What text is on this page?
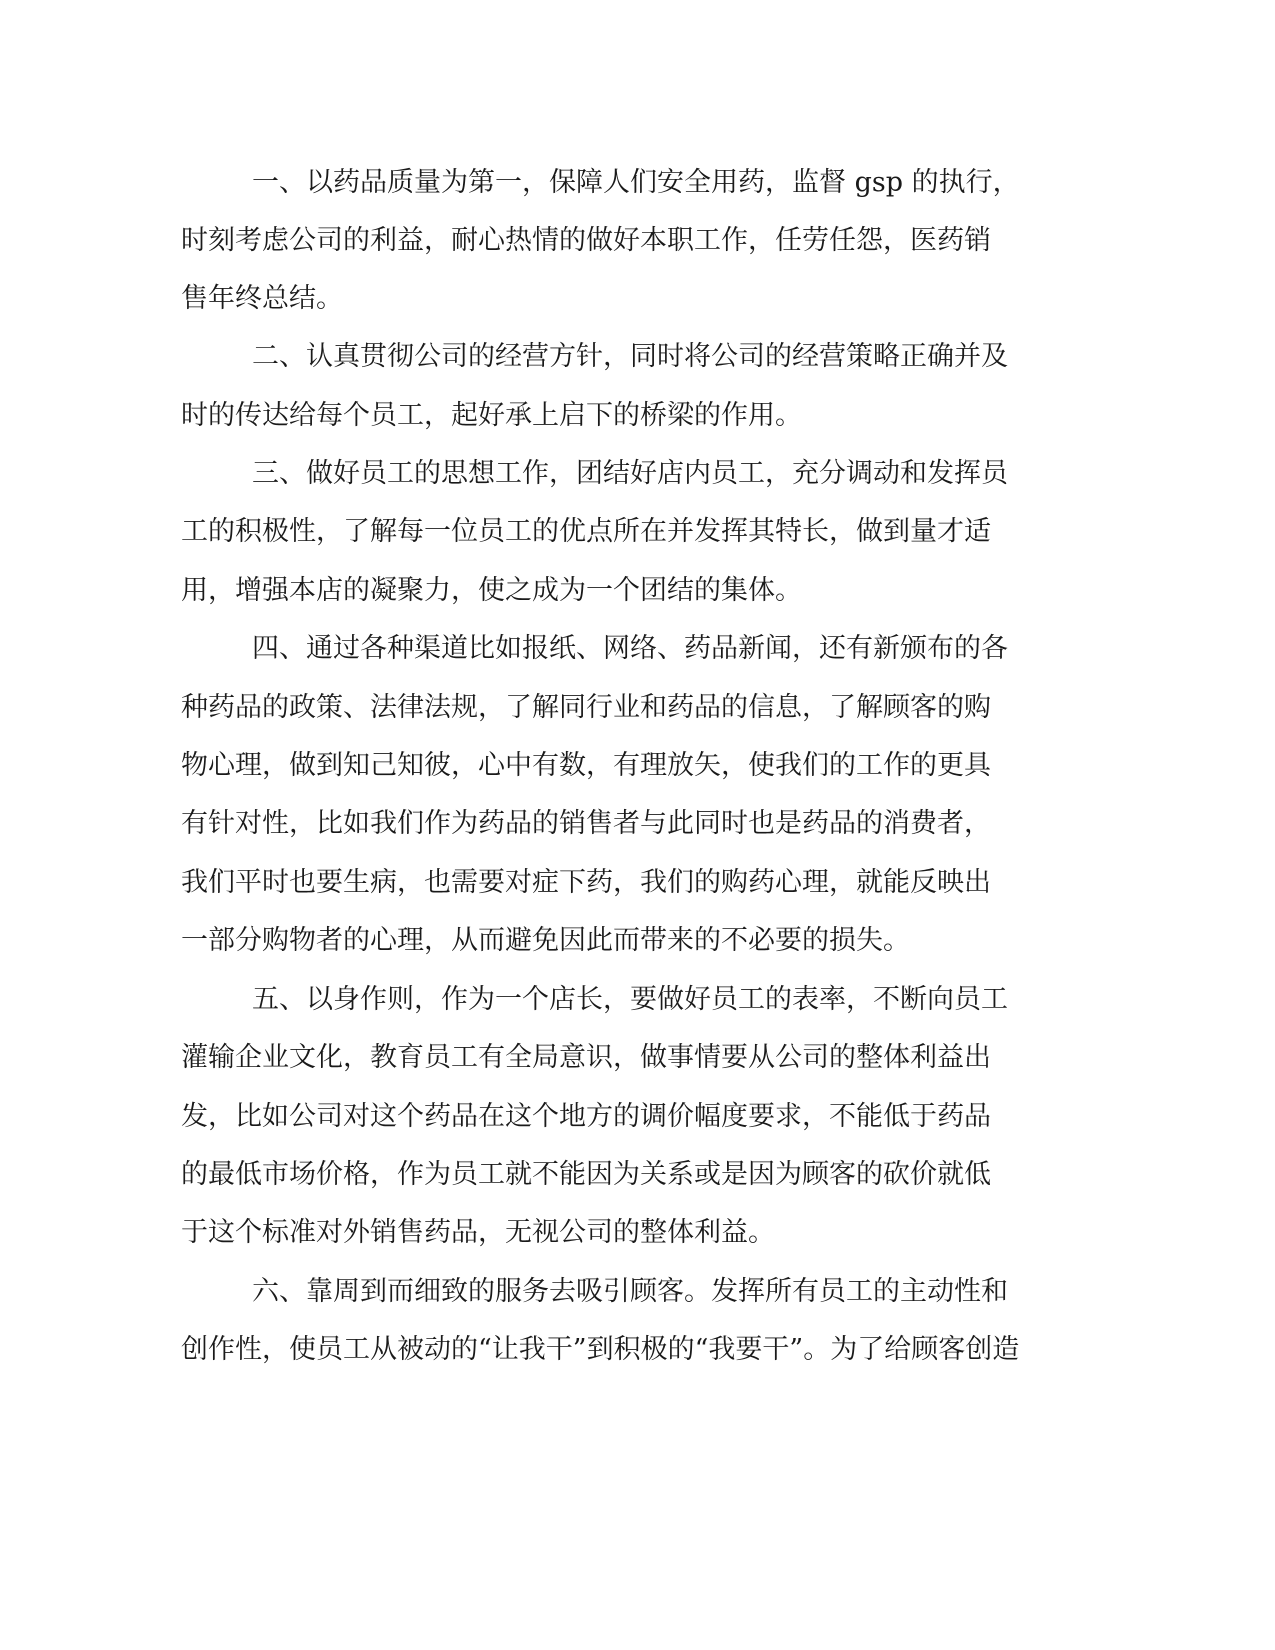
一、以药品质量为第一，保障人们安全用药，监督 gsp 的执行，
时刻考虑公司的利益，耐心热情的做好本职工作，任劳任怨，医药销
售年终总结。
二、认真贯彻公司的经营方针，同时将公司的经营策略正确并及
时的传达给每个员工，起好承上启下的桥梁的作用。
三、做好员工的思想工作，团结好店内员工，充分调动和发挥员
工的积极性，了解每一位员工的优点所在并发挥其特长，做到量才适
用，增强本店的凝聚力，使之成为一个团结的集体。
四、通过各种渠道比如报纸、网络、药品新闻，还有新颁布的各
种药品的政策、法律法规，了解同行业和药品的信息，了解顾客的购
物心理，做到知己知彼，心中有数，有理放矢，使我们的工作的更具
有针对性，比如我们作为药品的销售者与此同时也是药品的消费者，
我们平时也要生病，也需要对症下药，我们的购药心理，就能反映出
一部分购物者的心理，从而避免因此而带来的不必要的损失。
五、以身作则，作为一个店长，要做好员工的表率，不断向员工
灌输企业文化，教育员工有全局意识，做事情要从公司的整体利益出
发，比如公司对这个药品在这个地方的调价幅度要求，不能低于药品
的最低市场价格，作为员工就不能因为关系或是因为顾客的砍价就低
于这个标准对外销售药品，无视公司的整体利益。
六、靠周到而细致的服务去吸引顾客。发挥所有员工的主动性和
创作性，使员工从被动的“让我干”到积极的“我要干”。为了给顾客创造
